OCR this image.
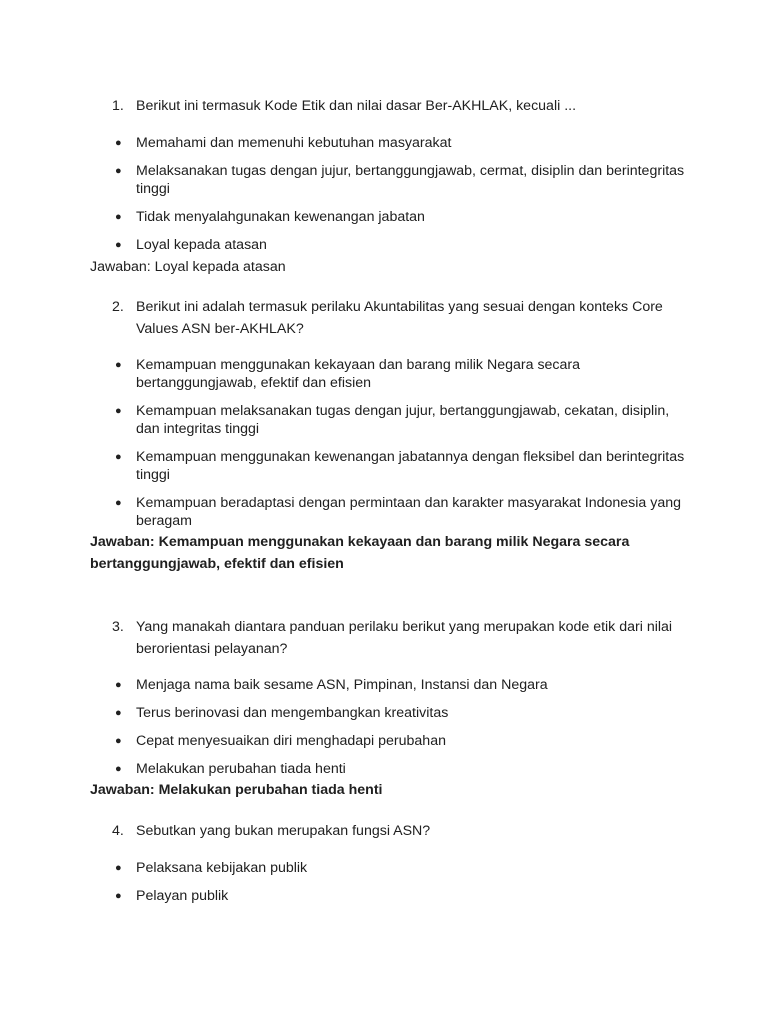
1. Berikut ini termasuk Kode Etik dan nilai dasar Ber-AKHLAK, kecuali ...
● Memahami dan memenuhi kebutuhan masyarakat
● Melaksanakan tugas dengan jujur, bertanggungjawab, cermat, disiplin dan berintegritas tinggi
● Tidak menyalahgunakan kewenangan jabatan
● Loyal kepada atasan
Jawaban: Loyal kepada atasan
2. Berikut ini adalah termasuk perilaku Akuntabilitas yang sesuai dengan konteks Core Values ASN ber-AKHLAK?
● Kemampuan menggunakan kekayaan dan barang milik Negara secara bertanggungjawab, efektif dan efisien
● Kemampuan melaksanakan tugas dengan jujur, bertanggungjawab, cekatan, disiplin, dan integritas tinggi
● Kemampuan menggunakan kewenangan jabatannya dengan fleksibel dan berintegritas tinggi
● Kemampuan beradaptasi dengan permintaan dan karakter masyarakat Indonesia yang beragam
Jawaban: Kemampuan menggunakan kekayaan dan barang milik Negara secara bertanggungjawab, efektif dan efisien
3. Yang manakah diantara panduan perilaku berikut yang merupakan kode etik dari nilai berorientasi pelayanan?
● Menjaga nama baik sesame ASN, Pimpinan, Instansi dan Negara
● Terus berinovasi dan mengembangkan kreativitas
● Cepat menyesuaikan diri menghadapi perubahan
● Melakukan perubahan tiada henti
Jawaban: Melakukan perubahan tiada henti
4. Sebutkan yang bukan merupakan fungsi ASN?
● Pelaksana kebijakan publik
● Pelayan publik
